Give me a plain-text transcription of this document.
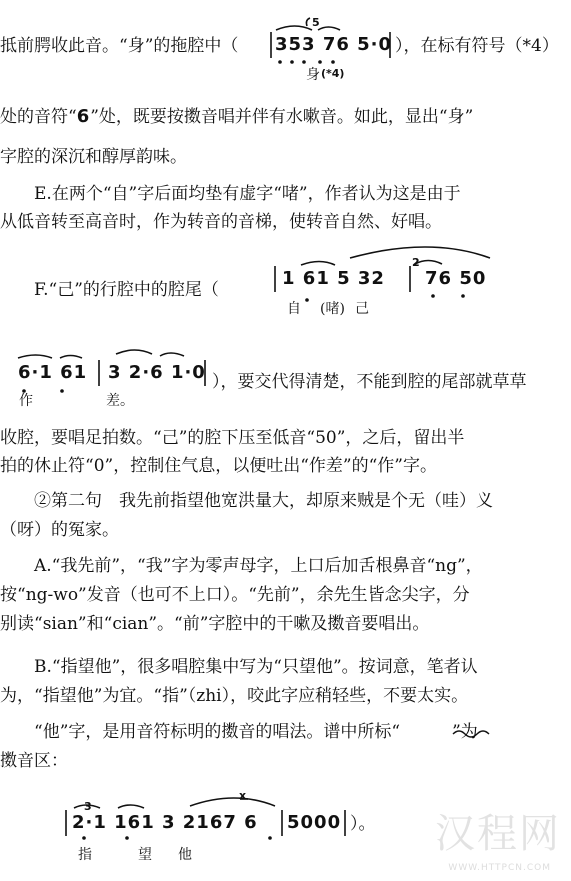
抵前腭收此音。“身”的拖腔中（ 353 76 5·0
5
），在标有符号（*4）
身 (*4)
处的音符“6”处，既要按擞音唱并伴有水嗽音。如此，显出“身”
字腔的深沉和醇厚韵味。
E.在两个“自”字后面均垫有虚字“啫”，作者认为这是由于
从低音转至高音时，作为转音的音梯，使转音自然、好唱。
F.“己”的行腔中的腔尾（
1 61 5 32 76 50
2
自 (啫) 己
6·1 61 3 2·6 1·0 ），要交代得清楚，不能到腔的尾部就草草
作	差。
收腔，要唱足拍数。“己”的腔下压至低音“50”，之后，留出半
拍的休止符“0”，控制住气息，以便吐出“作差”的“作”字。
②第二句　我先前指望他宽洪量大，却原来贼是个无（哇）义
（呀）的冤家。
A.“我先前”，“我”字为零声母字，上口后加舌根鼻音“ng”，
按“ng-wo”发音（也可不上口）。“先前”，余先生皆念尖字，分
别读“sian”和“cian”。“前”字腔中的干嗽及擞音要唱出。
B.“指望他”，很多唱腔集中写为“只望他”。按词意，笔者认
为，“指望他”为宜。“指”（zhi），咬此字应稍轻些，不要太实。
“他”字，是用音符标明的擞音的唱法。谱中所标“	”为
擞音区：
2·1 161 3 2167 6 5000 ）。
3
x
指	望 他	汉程网
WWW.HTTPCN.COM
